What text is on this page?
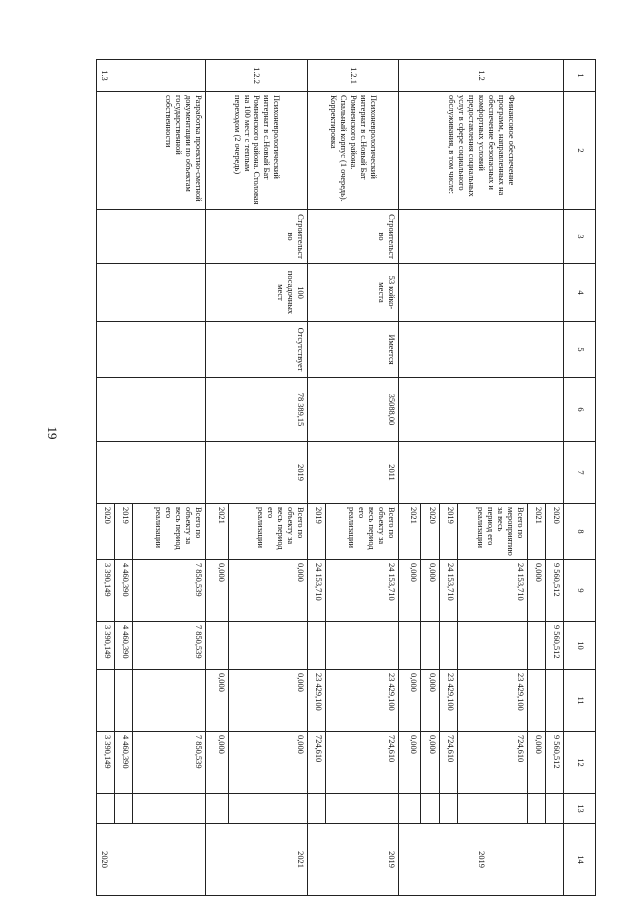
19
1	2	3	4	5	6	7	8	9	10	11	12	13	14
1.2	Финансовое обеспечение программ, направленных на обеспечение безопасных и комфортных условий предоставления социальных услуг в сфере социального обслуживания, в том числе:						2020	9 560,512	9 560,512		9 560,512		2019
							2021	0,000			0,000		
							Всего по мероприятию за весь период его реализации	24 153,710		23 429,100	724,610		
							2019	24 153,710		23 429,100	724,610		
							2020	0,000		0,000	0,000		
							2021	0,000		0,000	0,000		
1.2.1	Психоневрологический интернат в с.Новый Бат Ромненского района. Спальный корпус (1 очередь). Корректировка	Строительство	53 койко-места	Имеется	35088,00	2011	Всего по объекту за весь период его реализации	24 153,710		23 429,100	724,610		2019
							2019	24 153,710		23 429,100	724,610		
1.2.2	Психоневрологический интернат в с.Новый Бат Ромненского района. Столовая на 100 мест с теплым переходом (2 очередь)	Строительство	100 посадочных мест	Отсутствует	78 389,15	2019	Всего по объекту за весь период его реализации	0,000		0,000	0,000		2021
							2021	0,000		0,000	0,000		
1.3	Разработка проектно-сметной документации по объектам государственной собственности						Всего по объекту за весь период его реализации	7 850,539	7 850,539		7 850,539		2020
							2019	4 460,390	4 460,390		4 460,390		
							2020	3 390,149	3 390,149		3 390,149		
